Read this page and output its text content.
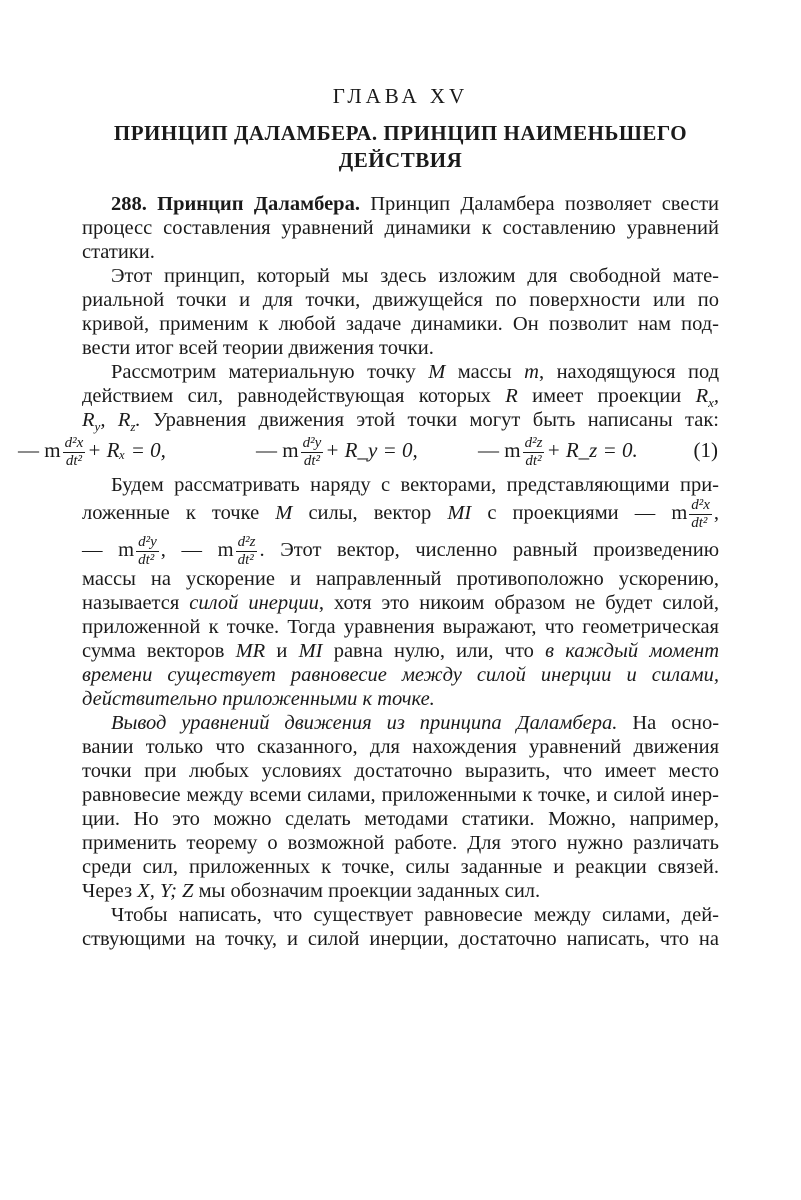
ГЛАВА XV
ПРИНЦИП ДАЛАМБЕРА. ПРИНЦИП НАИМЕНЬШЕГО ДЕЙСТВИЯ
288. Принцип Даламбера. Принцип Даламбера позволяет свести
процесс составления уравнений динамики к составлению уравнений
статики.
Этот принцип, который мы здесь изложим для свободной мате-
риальной точки и для точки, движущейся по поверхности или по
кривой, применим к любой задаче динамики. Он позволит нам под-
вести итог всей теории движения точки.
Рассмотрим материальную точку M массы m, находящуюся под
действием сил, равнодействующая которых R имеет проекции $R_x$,
$R_y$, $R_z$. Уравнения движения этой точки могут быть написаны так:
— m $\frac{\text{d²x}}{\text{dt²}} + R_x = 0$,	— m $\frac{\text{d²y}}{\text{dt²}}$ + R_y = 0,	— m $\frac{\text{d²z}}{\text{dt²}}$ + R_z = 0.	(1)
Будем рассматривать наряду с векторами, представляющими при-
ложенные к точке M силы, вектор MI с проекциями — m $\frac{\text{d²x}}{\text{dt²}}$ ,
— m $\frac{\text{d²y}}{\text{dt²}}$ , — m $\frac{\text{d²z}}{\text{dt²}}$ . Этот вектор, численно равный произведению
массы на ускорение и направленный противоположно ускорению,
называется силой инерции, хотя это никоим образом не будет силой,
приложенной к точке. Тогда уравнения выражают, что геометрическая
сумма векторов MR и MI равна нулю, или, что в каждый момент
времени существует равновесие между силой инерции и силами,
действительно приложенными к точке.
Вывод уравнений движения из принципа Даламбера. На осно-
вании только что сказанного, для нахождения уравнений движения
точки при любых условиях достаточно выразить, что имеет место
равновесие между всеми силами, приложенными к точке, и силой инер-
ции. Но это можно сделать методами статики. Можно, например,
применить теорему о возможной работе. Для этого нужно различать
среди сил, приложенных к точке, силы заданные и реакции связей.
Через X, Y; Z мы обозначим проекции заданных сил.
Чтобы написать, что существует равновесие между силами, дей-
ствующими на точку, и силой инерции, достаточно написать, что на
